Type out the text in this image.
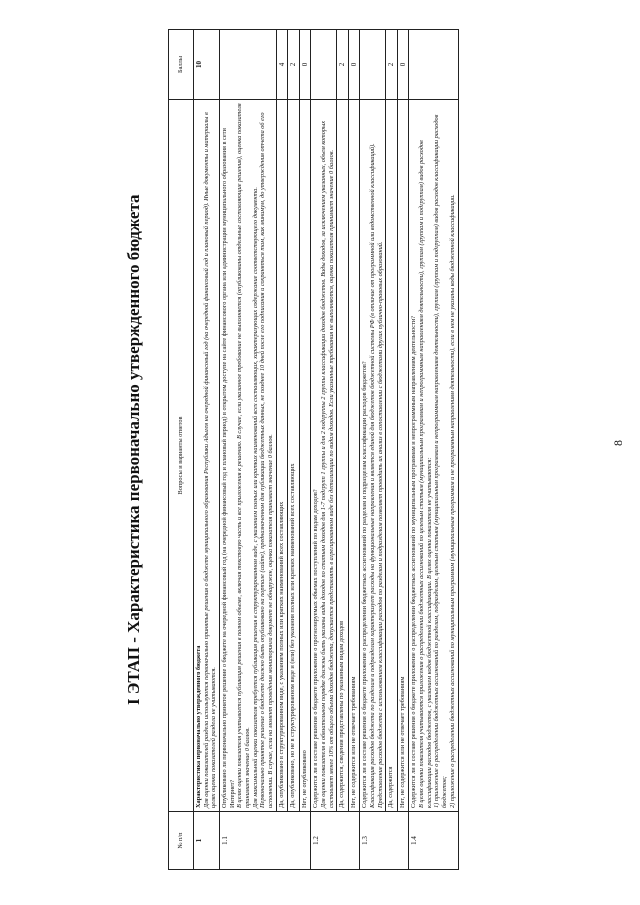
8
I ЭТАП - Характеристика первоначально утвержденного бюджета
№ п/п	Вопросы и варианты ответов	Баллы
1	Характеристика первоначально утвержденного бюджета Для оценки показателей раздела используются первоначально принятые решения о бюджете муниципального образования Республики Адыгея на очередной финансовый год (на очередной финансовый год и плановый период). Иные документы и материалы в целях оценки показателей раздела не учитываются.	10
1.1	Опубликовано ли первоначально принятое решение о бюджете на очередной финансовый год (на очередной финансовый год и плановый период) в открытом доступе на сайте финансового органа или администрации муниципального образования в сети Интернет? В целях оценки показателя учитывается публикация решения в полном объеме, включая текстовую часть и все приложения к решению. В случае, если указанное требование не выполняется (опубликованы отдельные составляющие решения), оценка показателя принимает значение 0 баллов. Для максимальной оценки показателя требуется публикация решения в структурированном виде, с указанием полных или кратких наименований всех составляющих, характеризующих содержание соответствующего документа. Первоначально принятое решение о бюджете должно быть опубликовано на портале (сайте), предназначенном для публикации бюджетных данных, не позднее 10 дней после его подписания и сохраняться там, как минимум, до утверждения отчета об его исполнении. В случае, если на момент проведения мониторинга документ не обнаружен, оценка показателя принимает значение 0 баллов.	

	Да, опубликовано в структурированном виде, с указанием полных или кратких наименований всех составляющих	4
	Да, опубликовано, но не в структурированном виде и (или) без указания полных или кратких наименований всех составляющих	2
	Нет, не опубликовано	0
1.2	Содержится ли в составе решения о бюджете приложение о прогнозируемых объемах поступлений по видам доходов? Для оценки показателя в обязательном порядке должны быть указаны виды доходов по статьям доходов для 1-7 подгрупп 1 группы и для 2 подгруппы 2 группы классификации доходов бюджетов. Виды доходов, за исключением указанных, объем которых составляет менее 10% от общего объема доходов бюджета, допускается представлять в агрегированном виде без детализации по видам доходов. Если указанные требования не выполняются, оценка показателя принимает значение 0 баллов.	

	Да, содержится, сведения представлены по указанным видам доходов	2
	Нет, не содержится или не отвечает требованиям	0
1.3	Содержится ли в составе решения о бюджете приложение о распределении бюджетных ассигнований по разделам и подразделам классификации расходов бюджетов? Классификация расходов бюджета по разделам и подразделам характеризует расходы на функциональные направления и является единой для бюджетов бюджетной системы РФ (в отличие от программной или ведомственной классификаций). Представление расходов бюджета с использованием классификации расходов по разделам и подразделам позволяет проводить их анализ в сопоставлении с бюджетами других публично-правовых образований.	

	Да, содержится	2
	Нет, не содержится или не отвечает требованиям	0
1.4	Содержится ли в составе решения о бюджете приложение о распределении бюджетных ассигнований по муниципальным программам и непрограммным направлениям деятельности? В целях оценки показателя учитываются приложения о распределении бюджетных ассигнований по целевым статьям (муниципальным программам и непрограммным направлениям деятельности), группам (группам и подгруппам) видов расходов классификации расходов бюджетов, с указанием кодов бюджетной классификации. В целях оценки показателя не учитываются: 1) приложение о распределении бюджетных ассигнований по разделам, подразделам, целевым статьям (муниципальным программам и непрограммным направлениям деятельности), группам (группам и подгруппам) видов расходов классификации расходов бюджетов; 2) приложение о распределении бюджетных ассигнований по муниципальным программам (муниципальным программам и не программным направлениям деятельности), если в нем не указаны коды бюджетной классификации.	
